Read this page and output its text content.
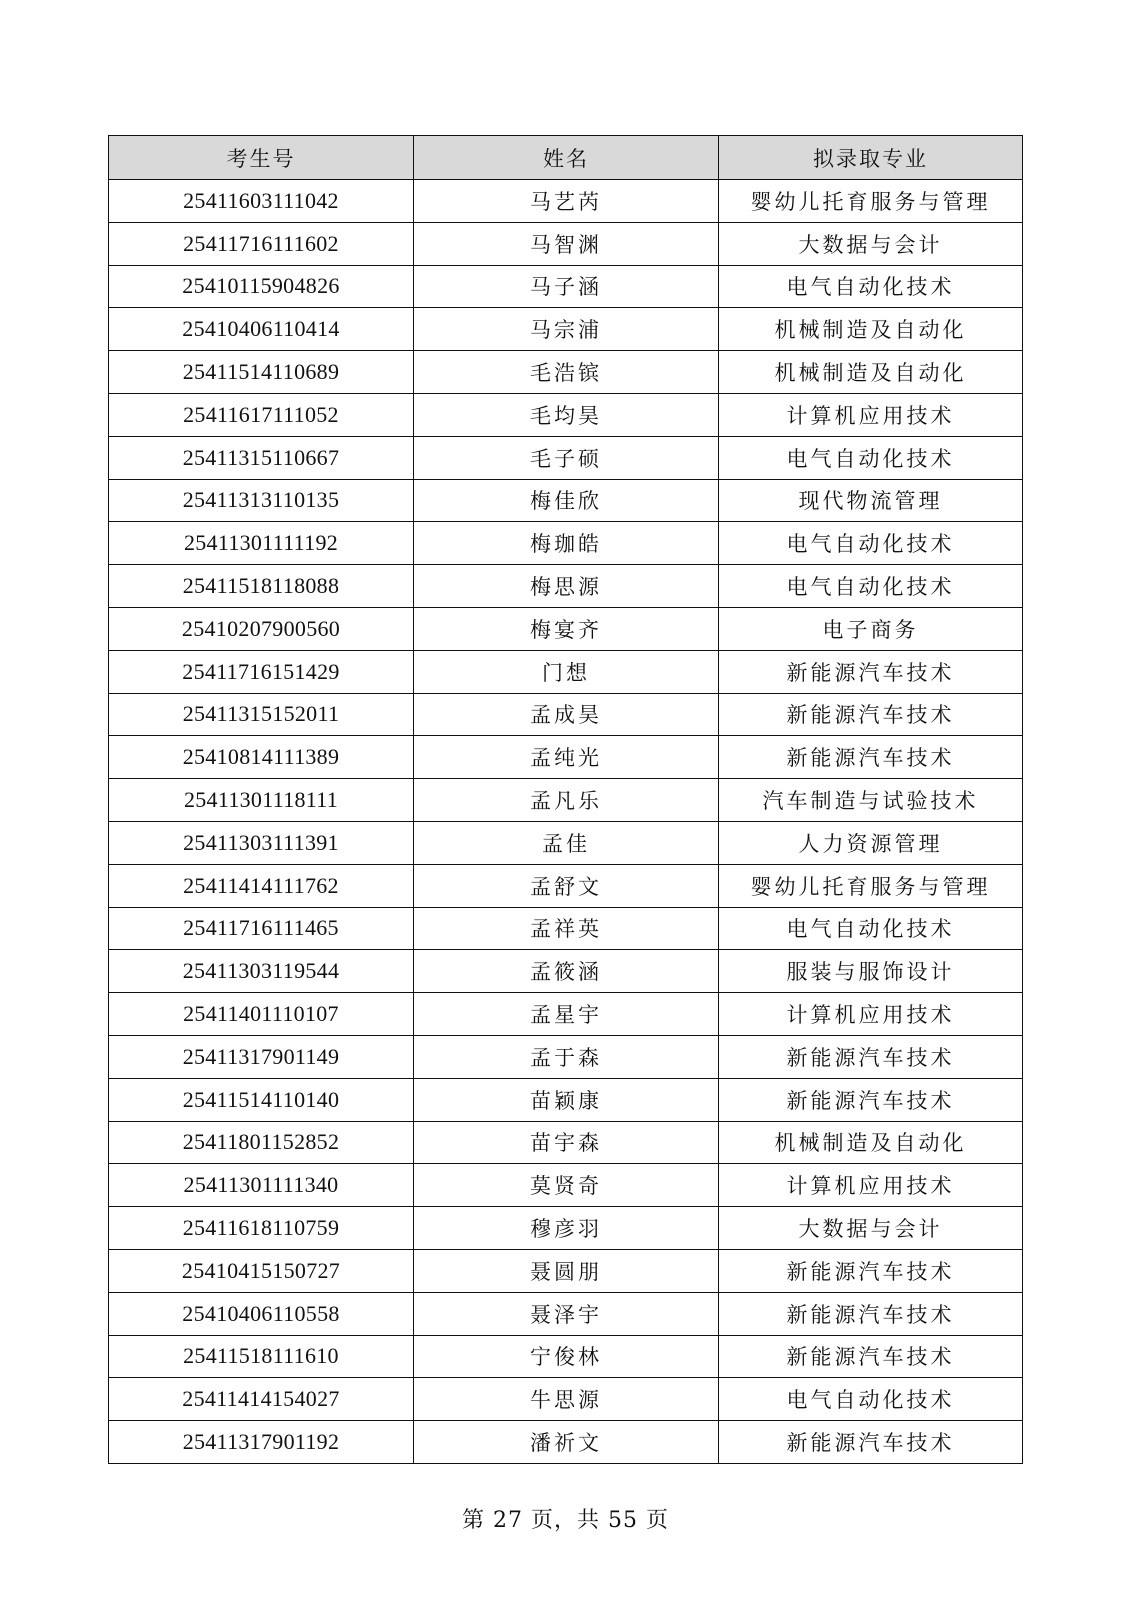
考生号	姓名	拟录取专业
25411603111042	马艺芮	婴幼儿托育服务与管理
25411716111602	马智渊	大数据与会计
25410115904826	马子涵	电气自动化技术
25410406110414	马宗浦	机械制造及自动化
25411514110689	毛浩镔	机械制造及自动化
25411617111052	毛均昊	计算机应用技术
25411315110667	毛子硕	电气自动化技术
25411313110135	梅佳欣	现代物流管理
25411301111192	梅珈皓	电气自动化技术
25411518118088	梅思源	电气自动化技术
25410207900560	梅宴齐	电子商务
25411716151429	门想	新能源汽车技术
25411315152011	孟成昊	新能源汽车技术
25410814111389	孟纯光	新能源汽车技术
25411301118111	孟凡乐	汽车制造与试验技术
25411303111391	孟佳	人力资源管理
25411414111762	孟舒文	婴幼儿托育服务与管理
25411716111465	孟祥英	电气自动化技术
25411303119544	孟筱涵	服装与服饰设计
25411401110107	孟星宇	计算机应用技术
25411317901149	孟于森	新能源汽车技术
25411514110140	苗颖康	新能源汽车技术
25411801152852	苗宇森	机械制造及自动化
25411301111340	莫贤奇	计算机应用技术
25411618110759	穆彦羽	大数据与会计
25410415150727	聂圆朋	新能源汽车技术
25410406110558	聂泽宇	新能源汽车技术
25411518111610	宁俊林	新能源汽车技术
25411414154027	牛思源	电气自动化技术
25411317901192	潘祈文	新能源汽车技术
第 27 页，共 55 页
